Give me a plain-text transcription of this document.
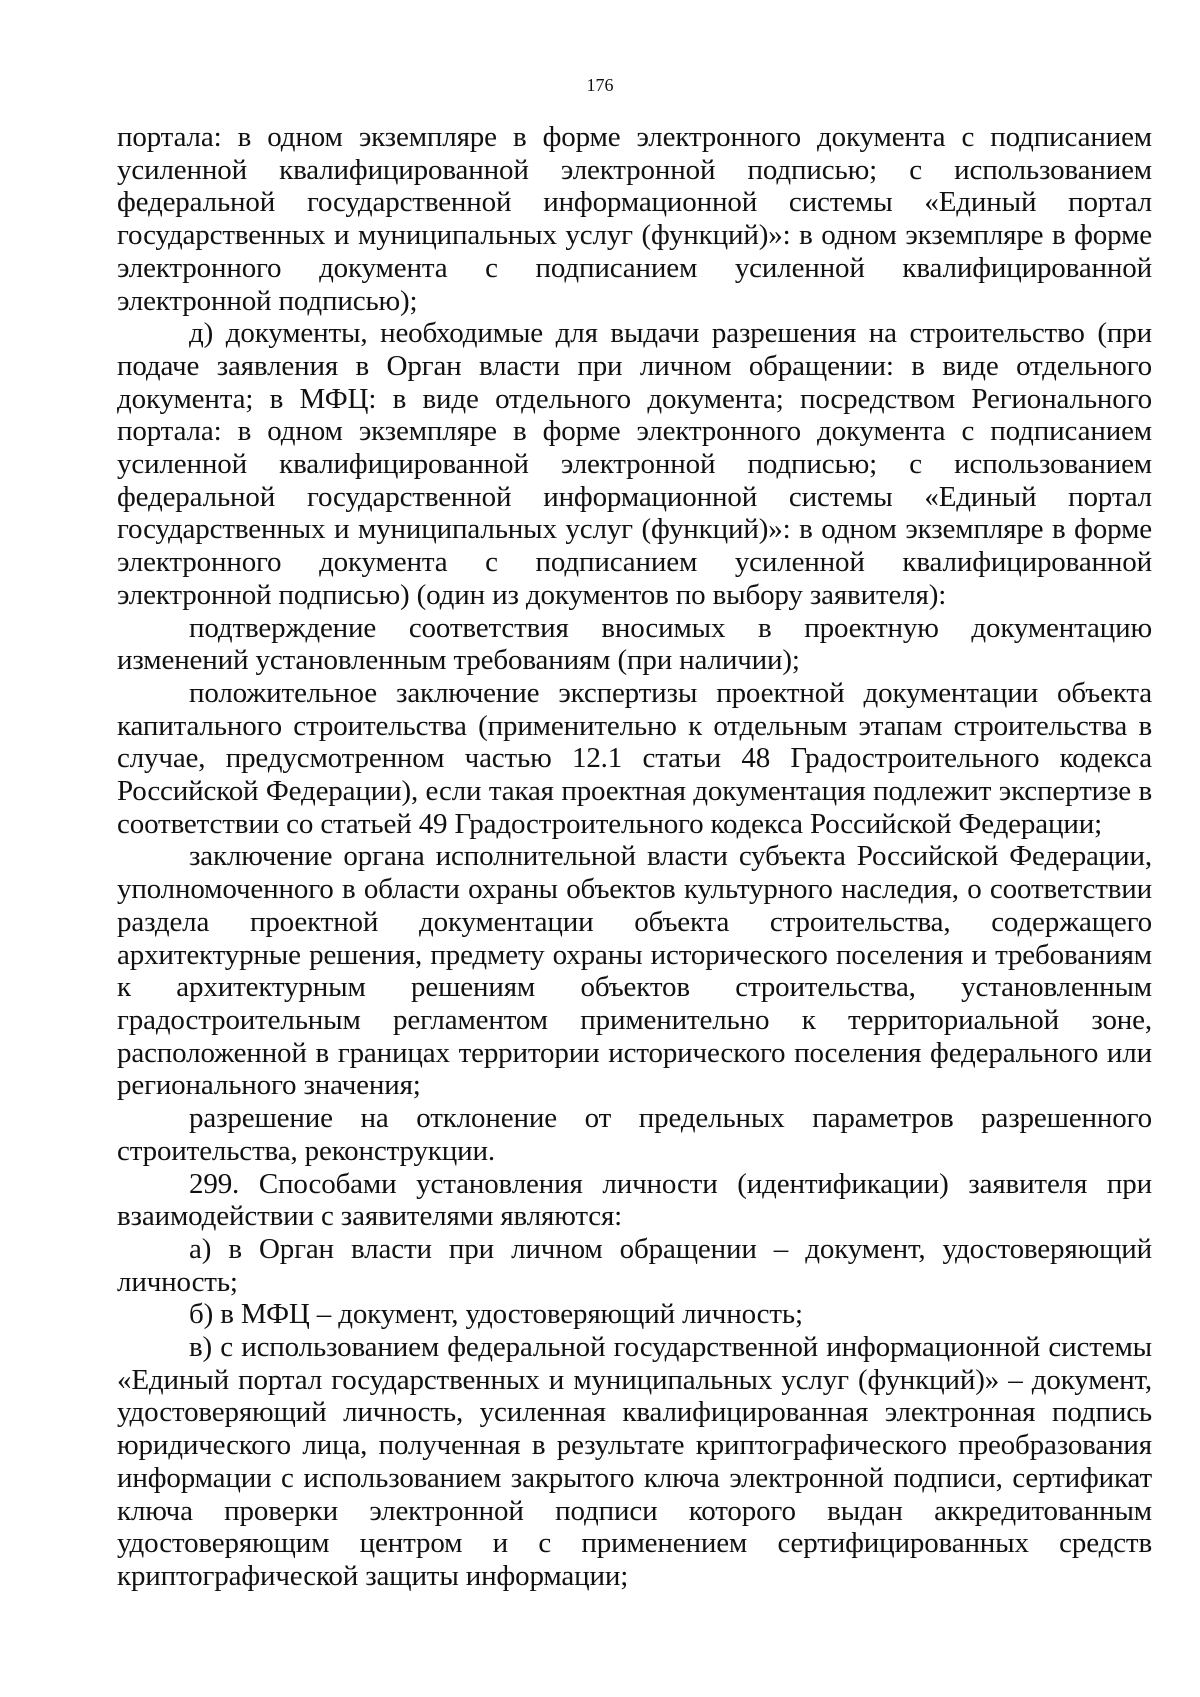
176

портала: в одном экземпляре в форме электронного документа с подписанием усиленной квалифицированной электронной подписью; с использованием федеральной государственной информационной системы «Единый портал государственных и муниципальных услуг (функций)»: в одном экземпляре в форме электронного документа с подписанием усиленной квалифицированной электронной подписью);

д) документы, необходимые для выдачи разрешения на строительство (при подаче заявления в Орган власти при личном обращении: в виде отдельного документа; в МФЦ: в виде отдельного документа; посредством Регионального портала: в одном экземпляре в форме электронного документа с подписанием усиленной квалифицированной электронной подписью; с использованием федеральной государственной информационной системы «Единый портал государственных и муниципальных услуг (функций)»: в одном экземпляре в форме электронного документа с подписанием усиленной квалифицированной электронной подписью) (один из документов по выбору заявителя):

подтверждение соответствия вносимых в проектную документацию изменений установленным требованиям (при наличии);

положительное заключение экспертизы проектной документации объекта капитального строительства (применительно к отдельным этапам строительства в случае, предусмотренном частью 12.1 статьи 48 Градостроительного кодекса Российской Федерации), если такая проектная документация подлежит экспертизе в соответствии со статьей 49 Градостроительного кодекса Российской Федерации;

заключение органа исполнительной власти субъекта Российской Федерации, уполномоченного в области охраны объектов культурного наследия, о соответствии раздела проектной документации объекта строительства, содержащего архитектурные решения, предмету охраны исторического поселения и требованиям к архитектурным решениям объектов строительства, установленным градостроительным регламентом применительно к территориальной зоне, расположенной в границах территории исторического поселения федерального или регионального значения;

разрешение на отклонение от предельных параметров разрешенного строительства, реконструкции.

299. Способами установления личности (идентификации) заявителя при взаимодействии с заявителями являются:

а) в Орган власти при личном обращении – документ, удостоверяющий личность;

б) в МФЦ – документ, удостоверяющий личность;

в) с использованием федеральной государственной информационной системы «Единый портал государственных и муниципальных услуг (функций)» – документ, удостоверяющий личность, усиленная квалифицированная электронная подпись юридического лица, полученная в результате криптографического преобразования информации с использованием закрытого ключа электронной подписи, сертификат ключа проверки электронной подписи которого выдан аккредитованным удостоверяющим центром и с применением сертифицированных средств криптографической защиты информации;
